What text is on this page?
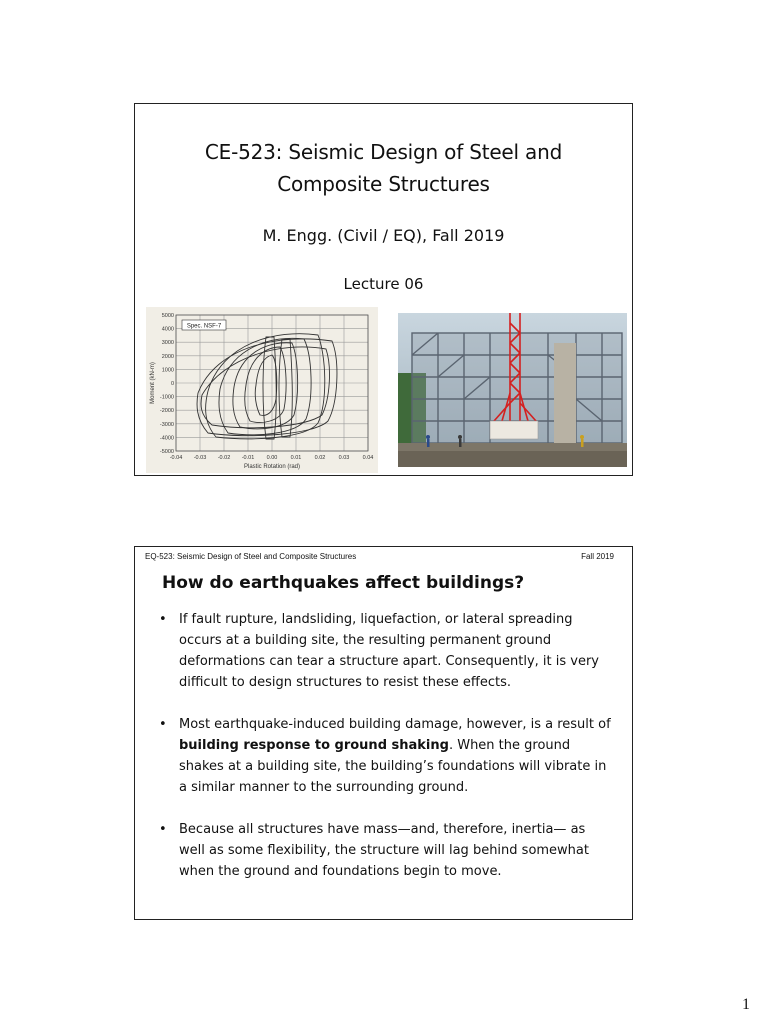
CE-523: Seismic Design of Steel and
Composite Structures
M. Engg. (Civil / EQ), Fall 2019
Lecture 06
5000
4000
3000
2000
1000
0
-1000
-2000
-3000
-4000
-5000
-0.04 -0.03 -0.02 -0.01 0.00 0.01 0.02 0.03 0.04
Moment (kN-m)
Plastic Rotation (rad)
Spec. NSF-7
EQ-523: Seismic Design of Steel and Composite Structures	Fall 2019
How do earthquakes affect buildings?
• If fault rupture, landsliding, liquefaction, or lateral spreading occurs at a building site, the resulting permanent ground deformations can tear a structure apart. Consequently, it is very difficult to design structures to resist these effects.
• Most earthquake-induced building damage, however, is a result of building response to ground shaking. When the ground shakes at a building site, the building’s foundations will vibrate in a similar manner to the surrounding ground.
• Because all structures have mass—and, therefore, inertia— as well as some flexibility, the structure will lag behind somewhat when the ground and foundations begin to move.
1
